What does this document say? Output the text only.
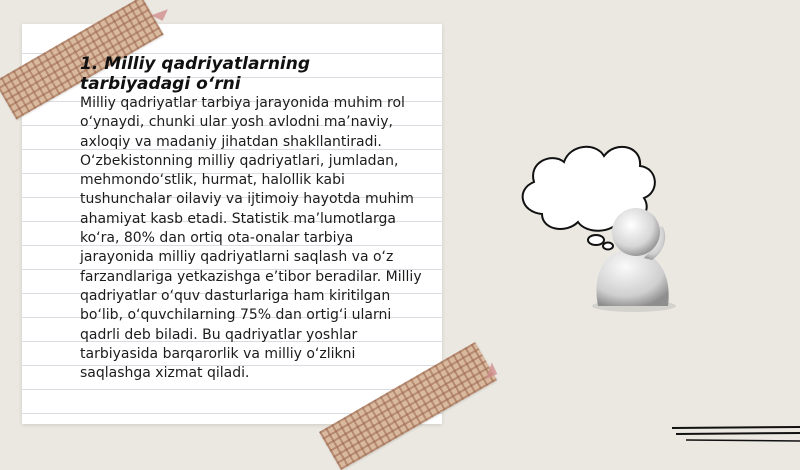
1. Milliy qadriyatlarning tarbiyadagi o‘rni

Milliy qadriyatlar tarbiya jarayonida muhim rol o‘ynaydi, chunki ular yosh avlodni ma’naviy, axloqiy va madaniy jihatdan shakllantiradi. O‘zbekistonning milliy qadriyatlari, jumladan, mehmondo‘stlik, hurmat, halollik kabi tushunchalar oilaviy va ijtimoiy hayotda muhim ahamiyat kasb etadi. Statistik ma’lumotlarga ko‘ra, 80% dan ortiq ota-onalar tarbiya jarayonida milliy qadriyatlarni saqlash va o‘z farzandlariga yetkazishga e’tibor beradilar. Milliy qadriyatlar o‘quv dasturlariga ham kiritilgan bo‘lib, o‘quvchilarning 75% dan ortig‘i ularni qadrli deb biladi. Bu qadriyatlar yoshlar tarbiyasida barqarorlik va milliy o‘zlikni saqlashga xizmat qiladi.
